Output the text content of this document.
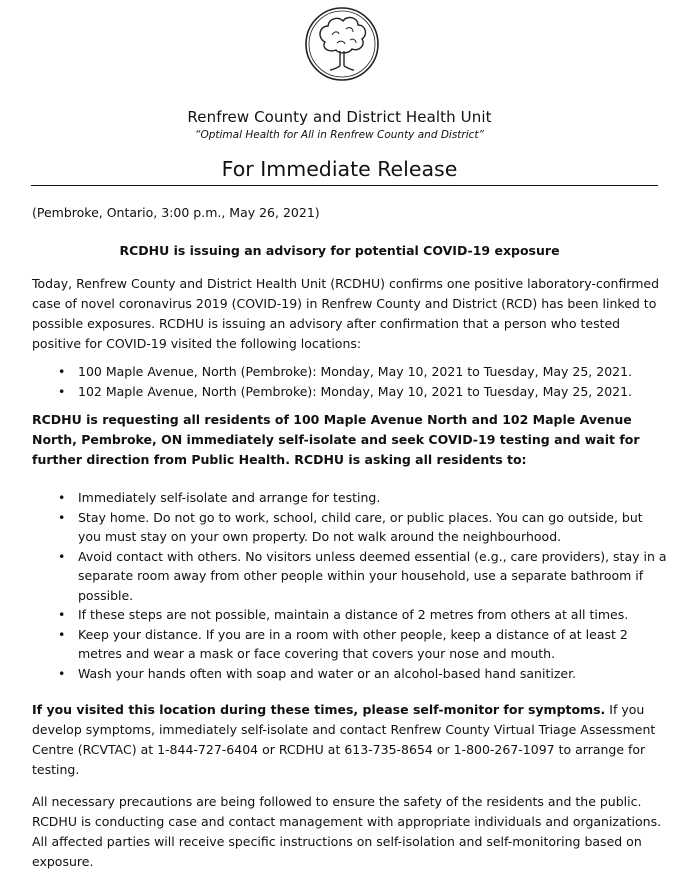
Renfrew County and District Health Unit
“Optimal Health for All in Renfrew County and District”
For Immediate Release
(Pembroke, Ontario, 3:00 p.m., May 26, 2021)
RCDHU is issuing an advisory for potential COVID-19 exposure
Today, Renfrew County and District Health Unit (RCDHU) confirms one positive laboratory-confirmed case of novel coronavirus 2019 (COVID-19) in Renfrew County and District (RCD) has been linked to possible exposures. RCDHU is issuing an advisory after confirmation that a person who tested positive for COVID-19 visited the following locations:
• 100 Maple Avenue, North (Pembroke): Monday, May 10, 2021 to Tuesday, May 25, 2021.
• 102 Maple Avenue, North (Pembroke): Monday, May 10, 2021 to Tuesday, May 25, 2021.
RCDHU is requesting all residents of 100 Maple Avenue North and 102 Maple Avenue North, Pembroke, ON immediately self-isolate and seek COVID-19 testing and wait for further direction from Public Health. RCDHU is asking all residents to:
• Immediately self-isolate and arrange for testing.
• Stay home. Do not go to work, school, child care, or public places. You can go outside, but you must stay on your own property. Do not walk around the neighbourhood.
• Avoid contact with others. No visitors unless deemed essential (e.g., care providers), stay in a separate room away from other people within your household, use a separate bathroom if possible.
• If these steps are not possible, maintain a distance of 2 metres from others at all times.
• Keep your distance. If you are in a room with other people, keep a distance of at least 2 metres and wear a mask or face covering that covers your nose and mouth.
• Wash your hands often with soap and water or an alcohol-based hand sanitizer.
If you visited this location during these times, please self-monitor for symptoms. If you develop symptoms, immediately self-isolate and contact Renfrew County Virtual Triage Assessment Centre (RCVTAC) at 1-844-727-6404 or RCDHU at 613-735-8654 or 1-800-267-1097 to arrange for testing.
All necessary precautions are being followed to ensure the safety of the residents and the public. RCDHU is conducting case and contact management with appropriate individuals and organizations. All affected parties will receive specific instructions on self-isolation and self-monitoring based on exposure.
